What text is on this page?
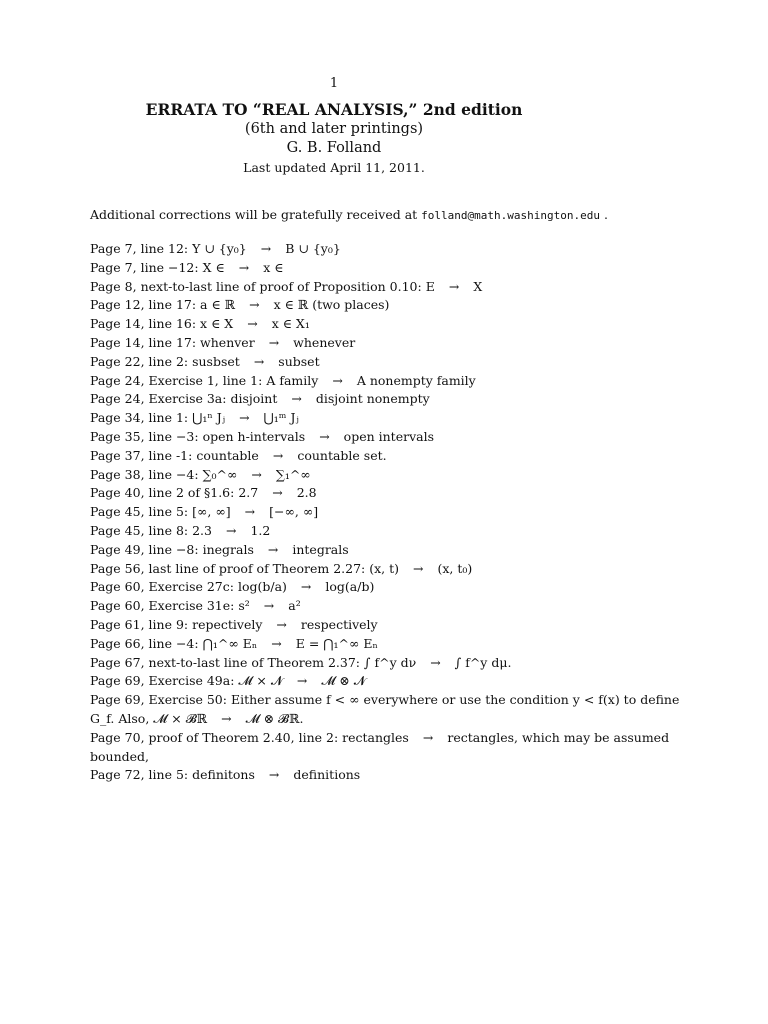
1
ERRATA TO “REAL ANALYSIS,” 2nd edition
(6th and later printings)
G. B. Folland
Last updated April 11, 2011.
Additional corrections will be gratefully received at folland@math.washington.edu .
Page 7, line 12: Y ∪ {y₀} → B ∪ {y₀}
Page 7, line −12: X ∈ → x ∈
Page 8, next-to-last line of proof of Proposition 0.10: E → X
Page 12, line 17: a ∈ ℝ → x ∈ ℝ (two places)
Page 14, line 16: x ∈ X → x ∈ X₁
Page 14, line 17: whenver → whenever
Page 22, line 2: susbset → subset
Page 24, Exercise 1, line 1: A family → A nonempty family
Page 24, Exercise 3a: disjoint → disjoint nonempty
Page 34, line 1: ⋃₁ⁿ Jⱼ → ⋃₁ᵐ Jⱼ
Page 35, line −3: open h-intervals → open intervals
Page 37, line -1: countable → countable set.
Page 38, line −4: ∑₀^∞ → ∑₁^∞
Page 40, line 2 of §1.6: 2.7 → 2.8
Page 45, line 5: [∞, ∞] → [−∞, ∞]
Page 45, line 8: 2.3 → 1.2
Page 49, line −8: inegrals → integrals
Page 56, last line of proof of Theorem 2.27: (x, t) → (x, t₀)
Page 60, Exercise 27c: log(b/a) → log(a/b)
Page 60, Exercise 31e: s² → a²
Page 61, line 9: repectively → respectively
Page 66, line −4: ⋂₁^∞ Eₙ → E = ⋂₁^∞ Eₙ
Page 67, next-to-last line of Theorem 2.37: ∫ f^y dν → ∫ f^y dμ.
Page 69, Exercise 49a: 𝓜 × 𝓝 → 𝓜 ⊗ 𝓝
Page 69, Exercise 50: Either assume f < ∞ everywhere or use the condition y < f(x) to define G_f. Also, 𝓜 × 𝓑ℝ → 𝓜 ⊗ 𝓑ℝ.
Page 70, proof of Theorem 2.40, line 2: rectangles → rectangles, which may be assumed bounded,
Page 72, line 5: definitons → definitions
